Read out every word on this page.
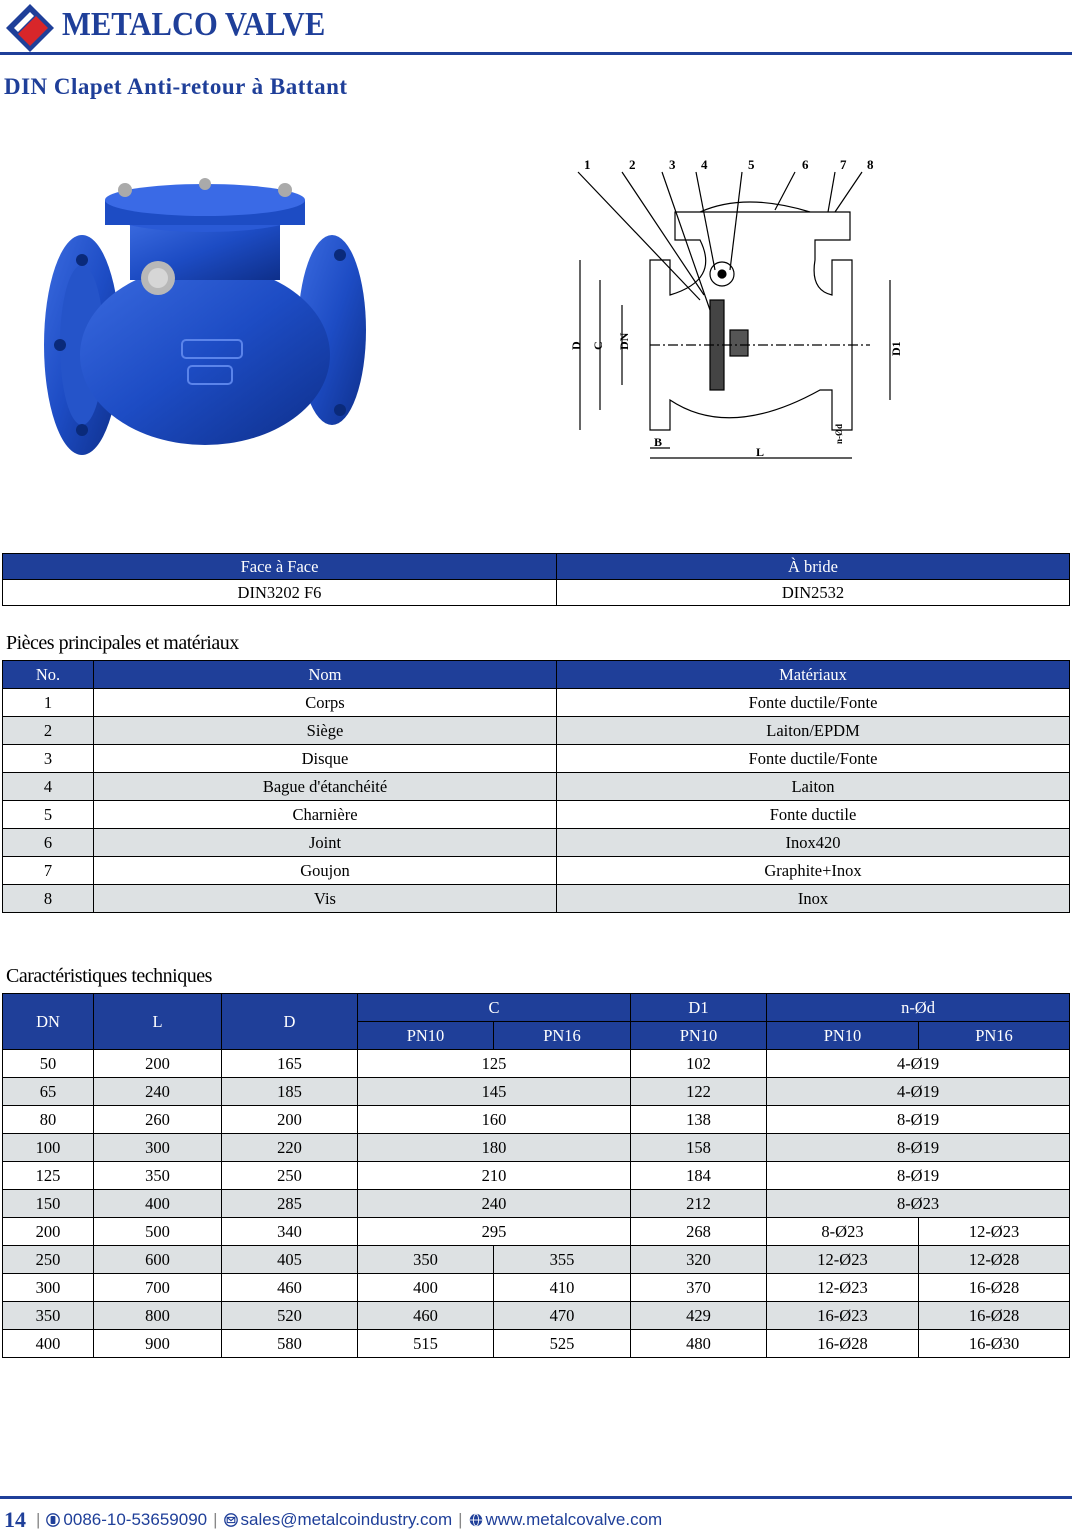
METALCO VALVE
DIN Clapet Anti-retour à Battant
1	2	3 4	5	6 7 8
D C DN	D1
B
L
n-Ød
Face à Face	À bride
DIN3202 F6	DIN2532
Pièces principales et matériaux
No.	Nom	Matériaux
1	Corps	Fonte ductile/Fonte
2	Siège	Laiton/EPDM
3	Disque	Fonte ductile/Fonte
4	Bague d'étanchéité	Laiton
5	Charnière	Fonte ductile
6	Joint	Inox420
7	Goujon	Graphite+Inox
8	Vis	Inox
Caractéristiques techniques
DN	L	D	C		D1	n-Ød	
			PN10	PN16	PN10	PN10	PN16
50	200	165	125		102	4-Ø19	
65	240	185	145		122	4-Ø19	
80	260	200	160		138	8-Ø19	
100	300	220	180		158	8-Ø19	
125	350	250	210		184	8-Ø19	
150	400	285	240		212	8-Ø23	
200	500	340	295		268	8-Ø23	12-Ø23
250	600	405	350	355	320	12-Ø23	12-Ø28
300	700	460	400	410	370	12-Ø23	16-Ø28
350	800	520	460	470	429	16-Ø23	16-Ø28
400	900	580	515	525	480	16-Ø28	16-Ø30
14 | 0086-10-53659090 | sales@metalcoindustry.com | www.metalcovalve.com
